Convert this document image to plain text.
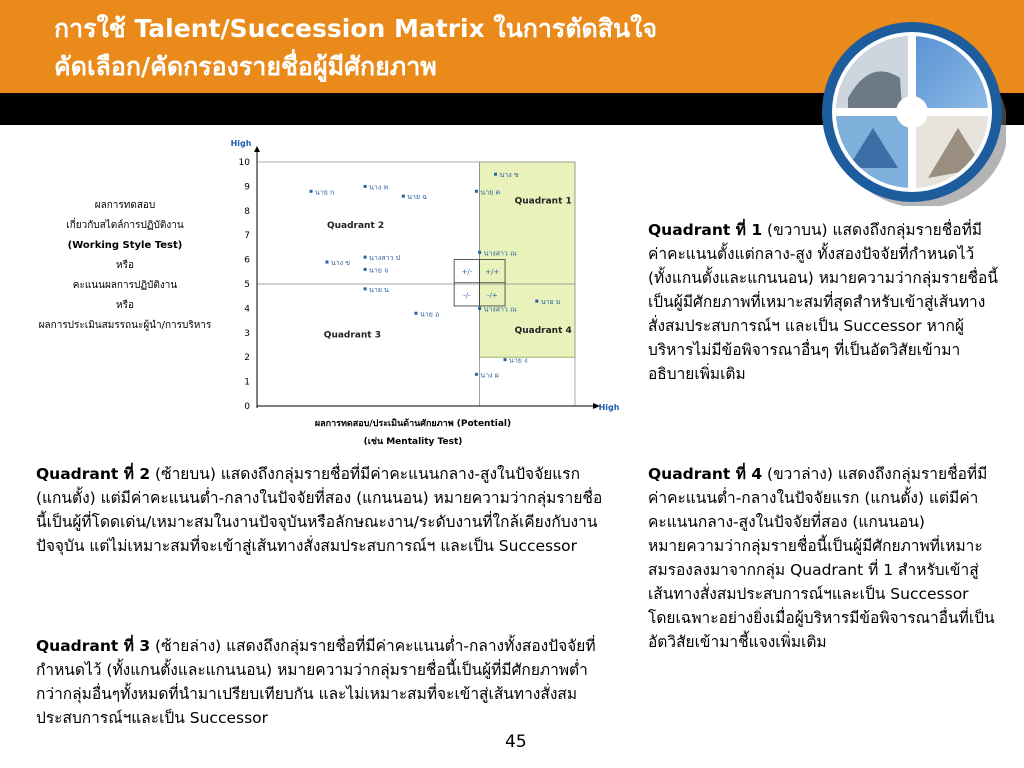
การใช้ Talent/Succession Matrix ในการตัดสินใจ
คัดเลือก/คัดกรองรายชื่อผู้มีศักยภาพ
0
1
2
3
4
5
6
7
8
9
10
High
High
Quadrant 1
Quadrant 2
Quadrant 3	Quadrant 4
+/- +/+
-/- -/+
นาย ก
นาง ท
นาย ฉ
นาง ข
นาย ค
นาง ข
นางสาว ป
นาย จ
นาย น
นาย อ
นางสาว ณ
นาย ม
นางสาว ณ
นาย ง
นาง ผ
ผลการทดสอบ/ประเมินด้านศักยภาพ (Potential)
(เช่น Mentality Test)
ผลการทดสอบ
เกี่ยวกับสไตล์การปฏิบัติงาน
(Working Style Test)
หรือ
คะแนนผลการปฏิบัติงาน
หรือ
ผลการประเมินสมรรถนะผู้นำ/การบริหาร
Quadrant ที่ 1 (ขวาบน) แสดงถึงกลุ่มรายชื่อที่มีค่าคะแนนตั้งแต่กลาง-สูง ทั้งสองปัจจัยที่กำหนดไว้ (ทั้งแกนตั้งและแกนนอน) หมายความว่ากลุ่มรายชื่อนี้เป็นผู้มีศักยภาพที่เหมาะสมที่สุดสำหรับเข้าสู่เส้นทางสั่งสมประสบการณ์ฯ และเป็น Successor หากผู้บริหารไม่มีข้อพิจารณาอื่นๆ ที่เป็นอัตวิสัยเข้ามาอธิบายเพิ่มเติม
Quadrant ที่ 4 (ขวาล่าง) แสดงถึงกลุ่มรายชื่อที่มีค่าคะแนนต่ำ-กลางในปัจจัยแรก (แกนตั้ง) แต่มีค่าคะแนนกลาง-สูงในปัจจัยที่สอง (แกนนอน) หมายความว่ากลุ่มรายชื่อนี้เป็นผู้มีศักยภาพที่เหมาะสมรองลงมาจากกลุ่ม Quadrant ที่ 1 สำหรับเข้าสู่เส้นทางสั่งสมประสบการณ์ฯและเป็น Successor โดยเฉพาะอย่างยิ่งเมื่อผู้บริหารมีข้อพิจารณาอื่นที่เป็นอัตวิสัยเข้ามาชี้แจงเพิ่มเติม
Quadrant ที่ 2 (ซ้ายบน) แสดงถึงกลุ่มรายชื่อที่มีค่าคะแนนกลาง-สูงในปัจจัยแรก (แกนตั้ง) แต่มีค่าคะแนนต่ำ-กลางในปัจจัยที่สอง (แกนนอน) หมายความว่ากลุ่มรายชื่อนี้เป็นผู้ที่โดดเด่น/เหมาะสมในงานปัจจุบันหรือลักษณะงาน/ระดับงานที่ใกล้เคียงกับงานปัจจุบัน แต่ไม่เหมาะสมที่จะเข้าสู่เส้นทางสั่งสมประสบการณ์ฯ และเป็น Successor
Quadrant ที่ 3 (ซ้ายล่าง) แสดงถึงกลุ่มรายชื่อที่มีค่าคะแนนต่ำ-กลางทั้งสองปัจจัยที่กำหนดไว้ (ทั้งแกนตั้งและแกนนอน) หมายความว่ากลุ่มรายชื่อนี้เป็นผู้ที่มีศักยภาพต่ำกว่ากลุ่มอื่นๆทั้งหมดที่นำมาเปรียบเทียบกัน และไม่เหมาะสมที่จะเข้าสู่เส้นทางสั่งสมประสบการณ์ฯและเป็น Successor
45
